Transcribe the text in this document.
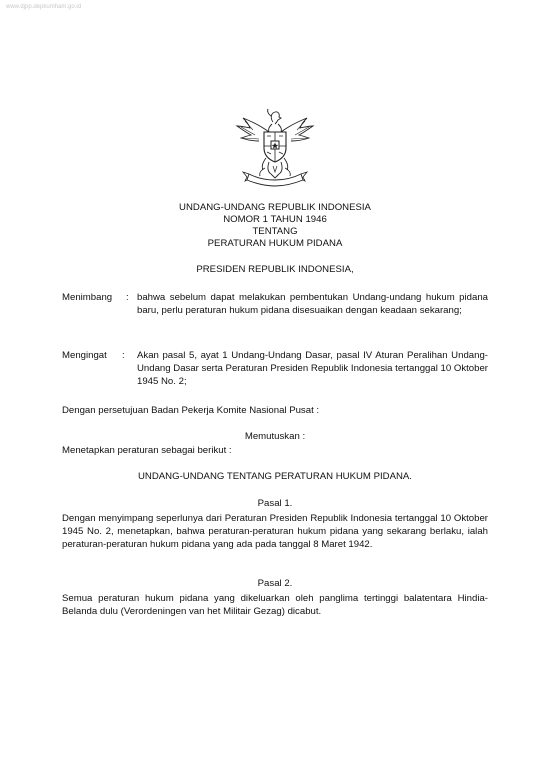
www.djpp.depkumham.go.id
UNDANG-UNDANG REPUBLIK INDONESIA
NOMOR 1 TAHUN 1946
TENTANG
PERATURAN HUKUM PIDANA
PRESIDEN REPUBLIK INDONESIA,
Menimbang : bahwa sebelum dapat melakukan pembentukan Undang-undang hukum pidana baru, perlu peraturan hukum pidana disesuaikan dengan keadaan sekarang;
Mengingat : Akan pasal 5, ayat 1 Undang-Undang Dasar, pasal IV Aturan Peralihan Undang-Undang Dasar serta Peraturan Presiden Republik Indonesia tertanggal 10 Oktober 1945 No. 2;
Dengan persetujuan Badan Pekerja Komite Nasional Pusat :
Memutuskan :
Menetapkan peraturan sebagai berikut :
UNDANG-UNDANG TENTANG PERATURAN HUKUM PIDANA.
Pasal 1.
Dengan menyimpang seperlunya dari Peraturan Presiden Republik Indonesia tertanggal 10 Oktober 1945 No. 2, menetapkan, bahwa peraturan-peraturan hukum pidana yang sekarang berlaku, ialah peraturan-peraturan hukum pidana yang ada pada tanggal 8 Maret 1942.
Pasal 2.
Semua peraturan hukum pidana yang dikeluarkan oleh panglima tertinggi balatentara Hindia-Belanda dulu (Verordeningen van het Militair Gezag) dicabut.
